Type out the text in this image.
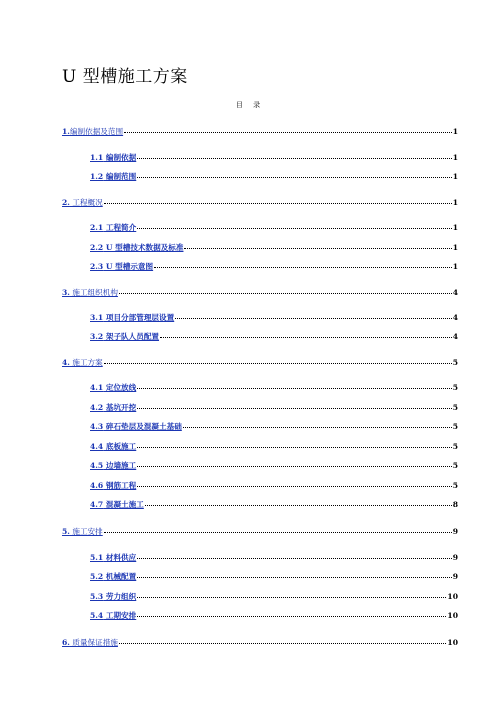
U 型槽施工方案
目 录
1.编制依据及范围	1
1.1 编制依据	1
1.2 编制范围	1
2. 工程概况	1
2.1 工程简介	1
2.2 U 型槽技术数据及标准	1
2.3 U 型槽示意图	1
3. 施工组织机构	4
3.1 项目分部管理层设置	4
3.2 架子队人员配置	4
4. 施工方案	5
4.1 定位放线	5
4.2 基坑开挖	5
4.3 碎石垫层及混凝土基础	5
4.4 底板施工	5
4.5 边墙施工	5
4.6 钢筋工程	5
4.7 混凝土施工	8
5. 施工安排	9
5.1 材料供应	9
5.2 机械配置	9
5.3 劳力组织	10
5.4 工期安排	10
6. 质量保证措施	10
